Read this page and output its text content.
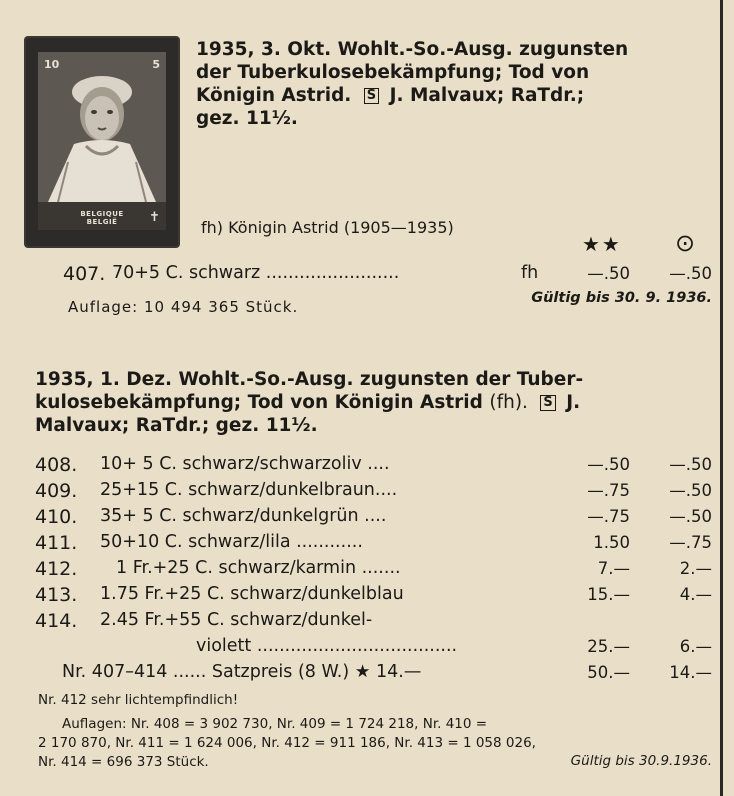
10	5
BELGIQUE
BELGIË	✝
1935, 3. Okt. Wohlt.-So.-Ausg. zugunsten
der Tuberkulosebekämpfung; Tod von
Königin Astrid. S J. Malvaux; RaTdr.;
gez. 11½.
fh) Königin Astrid (1905—1935)
★★ ⊙
407. 70+5 C. schwarz ........................	fh	—.50	—.50
Auflage: 10 494 365 Stück.	Gültig bis 30. 9. 1936.
1935, 1. Dez. Wohlt.-So.-Ausg. zugunsten der Tuber-
kulosebekämpfung; Tod von Königin Astrid (fh). S J.
Malvaux; RaTdr.; gez. 11½.
408. 10+ 5 C. schwarz/schwarzoliv ....	—.50	—.50
409. 25+15 C. schwarz/dunkelbraun....	—.75	—.50
410. 35+ 5 C. schwarz/dunkelgrün ....	—.75	—.50
411. 50+10 C. schwarz/lila ............	1.50	—.75
412. 1 Fr.+25 C. schwarz/karmin .......	7.—	2.—
413. 1.75 Fr.+25 C. schwarz/dunkelblau	15.—	4.—
414. 2.45 Fr.+55 C. schwarz/dunkel-
violett ....................................	25.—	6.—
Nr. 407–414 ...... Satzpreis (8 W.) ★ 14.—	50.—	14.—
Nr. 412 sehr lichtempfindlich!
Auflagen: Nr. 408 = 3 902 730, Nr. 409 = 1 724 218, Nr. 410 =
2 170 870, Nr. 411 = 1 624 006, Nr. 412 = 911 186, Nr. 413 = 1 058 026,
Nr. 414 = 696 373 Stück.	Gültig bis 30.9.1936.
